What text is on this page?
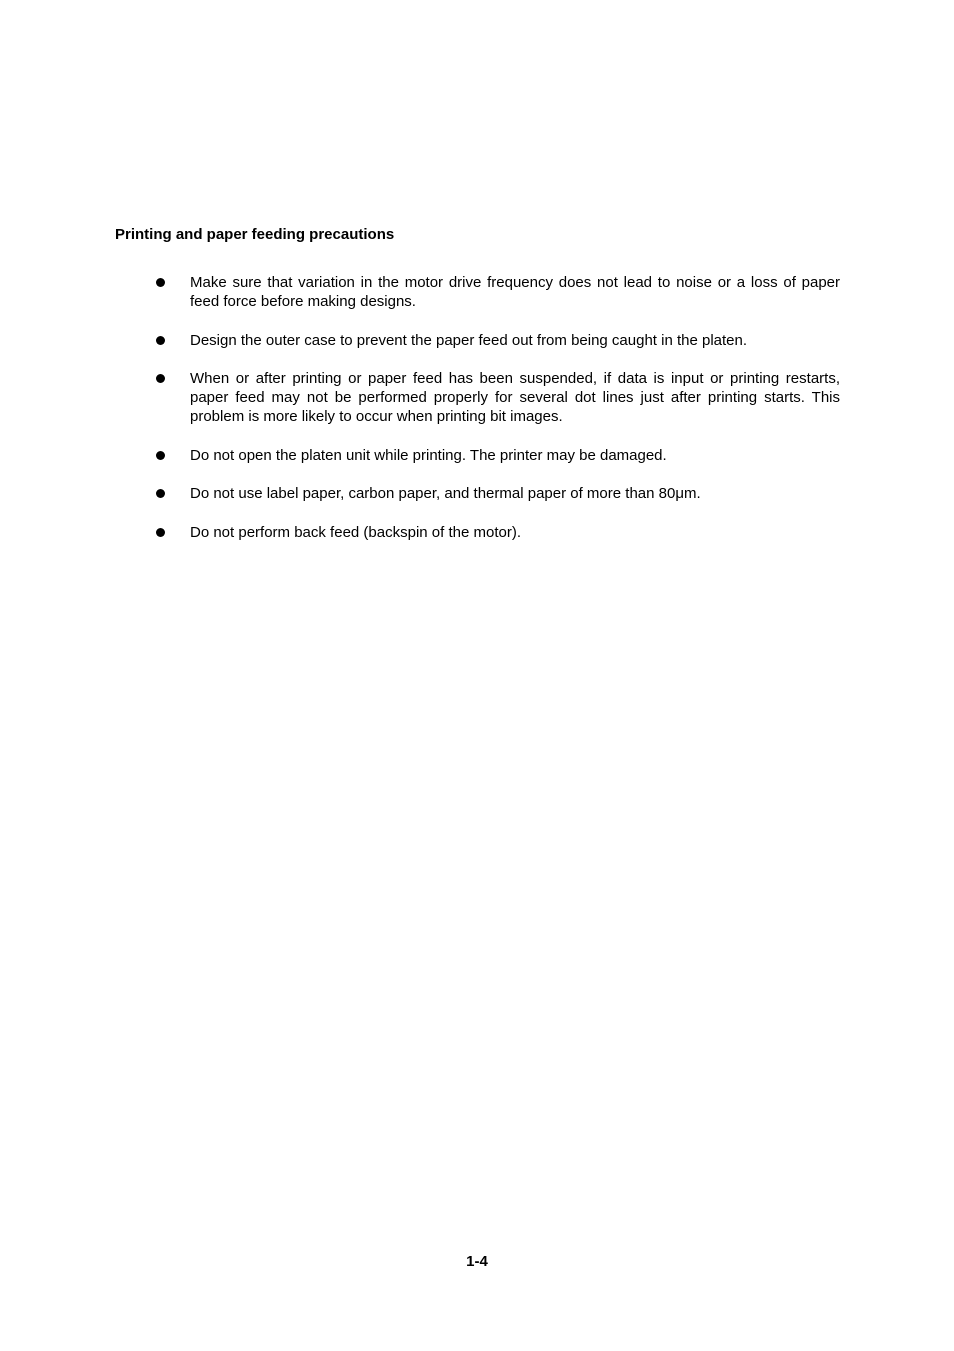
Printing and paper feeding precautions
Make sure that variation in the motor drive frequency does not lead to noise or a loss of paper feed force before making designs.
Design the outer case to prevent the paper feed out from being caught in the platen.
When or after printing or paper feed has been suspended, if data is input or printing restarts, paper feed may not be performed properly for several dot lines just after printing starts. This problem is more likely to occur when printing bit images.
Do not open the platen unit while printing. The printer may be damaged.
Do not use label paper, carbon paper, and thermal paper of more than 80μm.
Do not perform back feed (backspin of the motor).
1-4
